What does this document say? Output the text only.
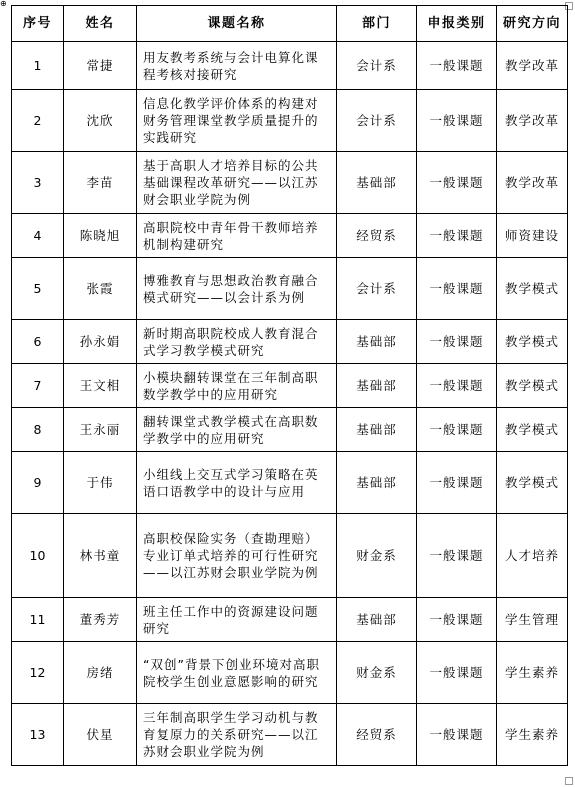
⊕
序号	姓名	课题名称	部门	申报类别	研究方向
1	常捷	用友教考系统与会计电算化课程考核对接研究	会计系	一般课题	教学改革
2	沈欣	信息化教学评价体系的构建对财务管理课堂教学质量提升的实践研究	会计系	一般课题	教学改革
3	李苗	基于高职人才培养目标的公共基础课程改革研究——以江苏财会职业学院为例	基础部	一般课题	教学改革
4	陈晓旭	高职院校中青年骨干教师培养机制构建研究	经贸系	一般课题	师资建设
5	张霞	博雅教育与思想政治教育融合模式研究——以会计系为例	会计系	一般课题	教学模式
6	孙永娟	新时期高职院校成人教育混合式学习教学模式研究	基础部	一般课题	教学模式
7	王文相	小模块翻转课堂在三年制高职数学教学中的应用研究	基础部	一般课题	教学模式
8	王永丽	翻转课堂式教学模式在高职数学教学中的应用研究	基础部	一般课题	教学模式
9	于伟	小组线上交互式学习策略在英语口语教学中的设计与应用	基础部	一般课题	教学模式
10	林书童	高职校保险实务（查勘理赔）专业订单式培养的可行性研究——以江苏财会职业学院为例	财金系	一般课题	人才培养
11	董秀芳	班主任工作中的资源建设问题研究	基础部	一般课题	学生管理
12	房绪	“双创”背景下创业环境对高职院校学生创业意愿影响的研究	财金系	一般课题	学生素养
13	伏星	三年制高职学生学习动机与教育复原力的关系研究——以江苏财会职业学院为例	经贸系	一般课题	学生素养
